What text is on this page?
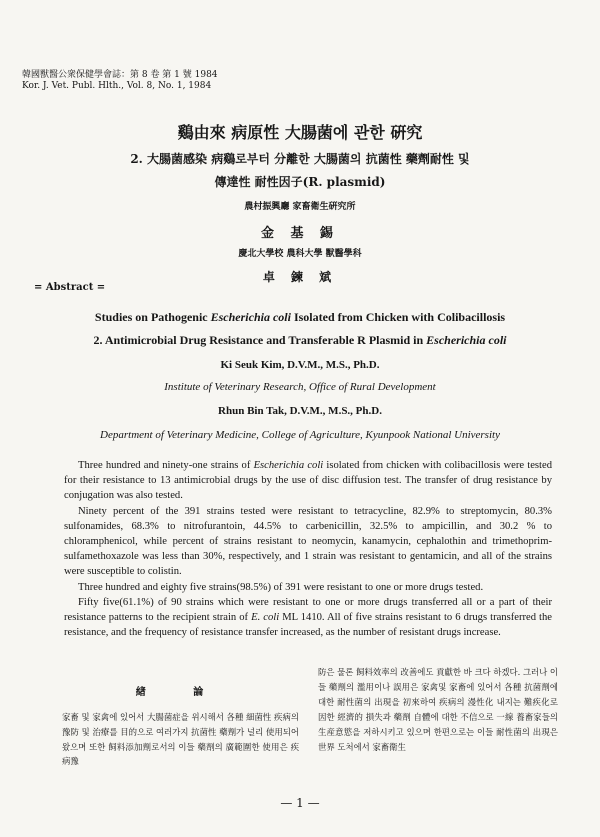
韓國獸醫公衆保健學會誌：第 8 卷 第 1 號 1984
Kor. J. Vet. Publ. Hlth., Vol. 8, No. 1, 1984
鷄由來 病原性 大腸菌에 관한 硏究
2. 大腸菌感染 病鷄로부터 分離한 大腸菌의 抗菌性 藥劑耐性 및
傳達性 耐性因子(R. plasmid)
農村振興廳 家畜衛生硏究所
金 基 錫
慶北大學校 農科大學 獸醫學科
卓 鍊 斌
= Abstract =
Studies on Pathogenic Escherichia coli Isolated from Chicken with Colibacillosis
2. Antimicrobial Drug Resistance and Transferable R Plasmid in Escherichia coli
Ki Seuk Kim, D.V.M., M.S., Ph.D.
Institute of Veterinary Research, Office of Rural Development
Rhun Bin Tak, D.V.M., M.S., Ph.D.
Department of Veterinary Medicine, College of Agriculture, Kyunpook National University

Three hundred and ninety-one strains of Escherichia coli isolated from chicken with colibacillosis were tested for their resistance to 13 antimicrobial drugs by the use of disc diffusion test. The transfer of drug resistance by conjugation was also tested.

Ninety percent of the 391 strains tested were resistant to tetracycline, 82.9% to streptomycin, 80.3% sulfonamides, 68.3% to nitrofurantoin, 44.5% to carbenicillin, 32.5% to ampicillin, and 30.2 % to chloramphenicol, while percent of strains resistant to neomycin, kanamycin, cephalothin and trimethoprim-sulfamethoxazole was less than 30%, respectively, and 1 strain was resistant to gentamicin, and all of the strains were susceptible to colistin.

Three hundred and eighty five strains(98.5%) of 391 were resistant to one or more drugs tested.

Fifty five(61.1%) of 90 strains which were resistant to one or more drugs transferred all or a part of their resistance patterns to the recipient strain of E. coli ML 1410. All of five strains resistant to 6 drugs transferred the resistance, and the frequency of resistance transfer increased, as the number of resistant drugs increase.

緖 論
家畜 및 家禽에 있어서 大腸菌症을 위시해서 各種 細菌性 疾病의 豫防 및 治療를 目的으로 여러가지 抗菌性 藥劑가 널리 使用되어 왔으며 또한 飼料添加劑로서의 이들 藥劑의 廣範圍한 使用은 疾病豫
防은 물론 飼料效率의 改善에도 貢獻한 바 크다 하겠다. 그러나 이들 藥劑의 濫用이나 誤用은 家禽및 家畜에 있어서 各種 抗菌劑에 대한 耐性菌의 出現을 初來하여 疾病의 漫性化 내지는 難疾化로 因한 經濟的 損失과 藥劑 自體에 대한 不信으로 一線 養畜家들의 生産意慾을 저하시키고 있으며 한편으로는 이들 耐性菌의 出現은 世界 도처에서 家畜衛生
— 1 —
